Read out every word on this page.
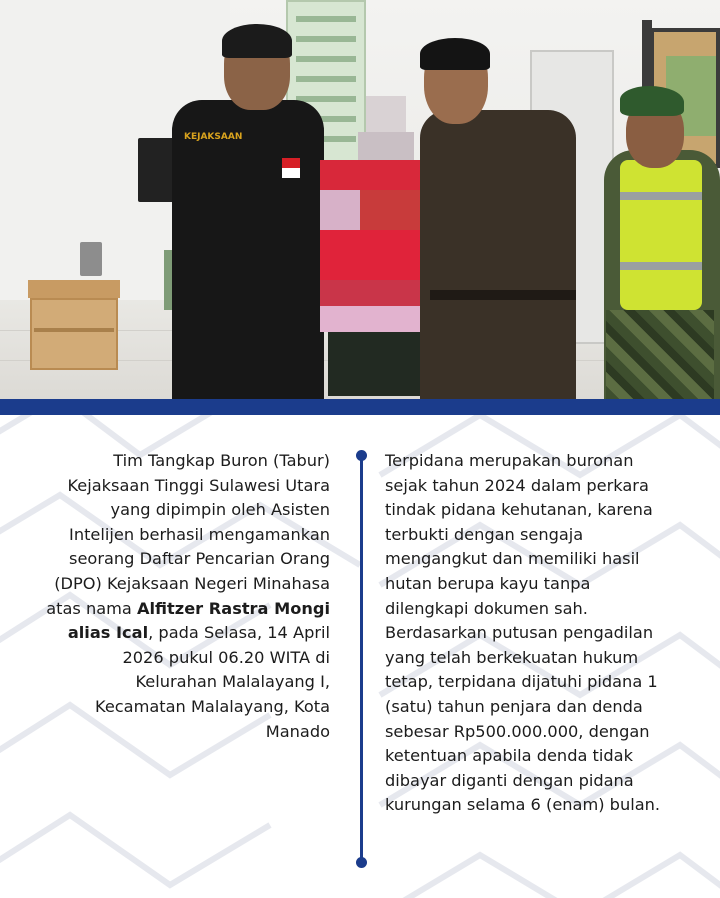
KEJAKSAAN
Tim Tangkap Buron (Tabur)
Kejaksaan Tinggi Sulawesi Utara
yang dipimpin oleh Asisten
Intelijen berhasil mengamankan
seorang Daftar Pencarian Orang
(DPO) Kejaksaan Negeri Minahasa
atas nama Alfitzer Rastra Mongi
alias Ical, pada Selasa, 14 April
2026 pukul 06.20 WITA di
Kelurahan Malalayang I,
Kecamatan Malalayang, Kota
Manado
Terpidana merupakan buronan
sejak tahun 2024 dalam perkara
tindak pidana kehutanan, karena
terbukti dengan sengaja
mengangkut dan memiliki hasil
hutan berupa kayu tanpa
dilengkapi dokumen sah.
Berdasarkan putusan pengadilan
yang telah berkekuatan hukum
tetap, terpidana dijatuhi pidana 1
(satu) tahun penjara dan denda
sebesar Rp500.000.000, dengan
ketentuan apabila denda tidak
dibayar diganti dengan pidana
kurungan selama 6 (enam) bulan.
